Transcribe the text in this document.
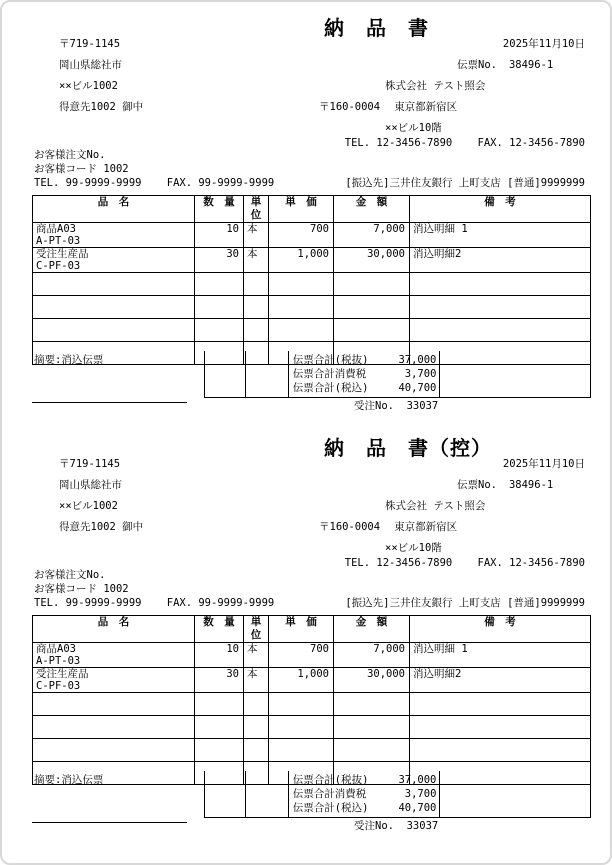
納　品　書
〒719-1145
岡山県総社市
××ビル1002
得意先1002 御中
2025年11月10日
伝票No. 38496-1
株式会社 テスト照会
〒160-0004 東京都新宿区
××ビル10階
TEL. 12-3456-7890    FAX. 12-3456-7890
お客様注文No.
お客様コード 1002
TEL. 99-9999-9999    FAX. 99-9999-9999	[振込先]三井住友銀行 上町支店 [普通]9999999
品　名	数　量	単位	単　価	金　額	備　考

商品A03
A-PT-03	10	本	700	7,000	消込明細 1

受注生産品
C-PF-03	30	本	1,000	30,000	消込明細2

摘要:消込伝票	伝票合計(税抜)	37,000
伝票合計消費税	3,700
伝票合計(税込)	40,700
受注No.  33037
納　品　書（控）
〒719-1145
岡山県総社市
××ビル1002
得意先1002 御中
2025年11月10日
伝票No. 38496-1
株式会社 テスト照会
〒160-0004 東京都新宿区
××ビル10階
TEL. 12-3456-7890    FAX. 12-3456-7890
お客様注文No.
お客様コード 1002
TEL. 99-9999-9999    FAX. 99-9999-9999	[振込先]三井住友銀行 上町支店 [普通]9999999
品　名	数　量	単位	単　価	金　額	備　考

商品A03
A-PT-03	10	本	700	7,000	消込明細 1

受注生産品
C-PF-03	30	本	1,000	30,000	消込明細2

摘要:消込伝票	伝票合計(税抜)	37,000
伝票合計消費税	3,700
伝票合計(税込)	40,700
受注No.  33037
